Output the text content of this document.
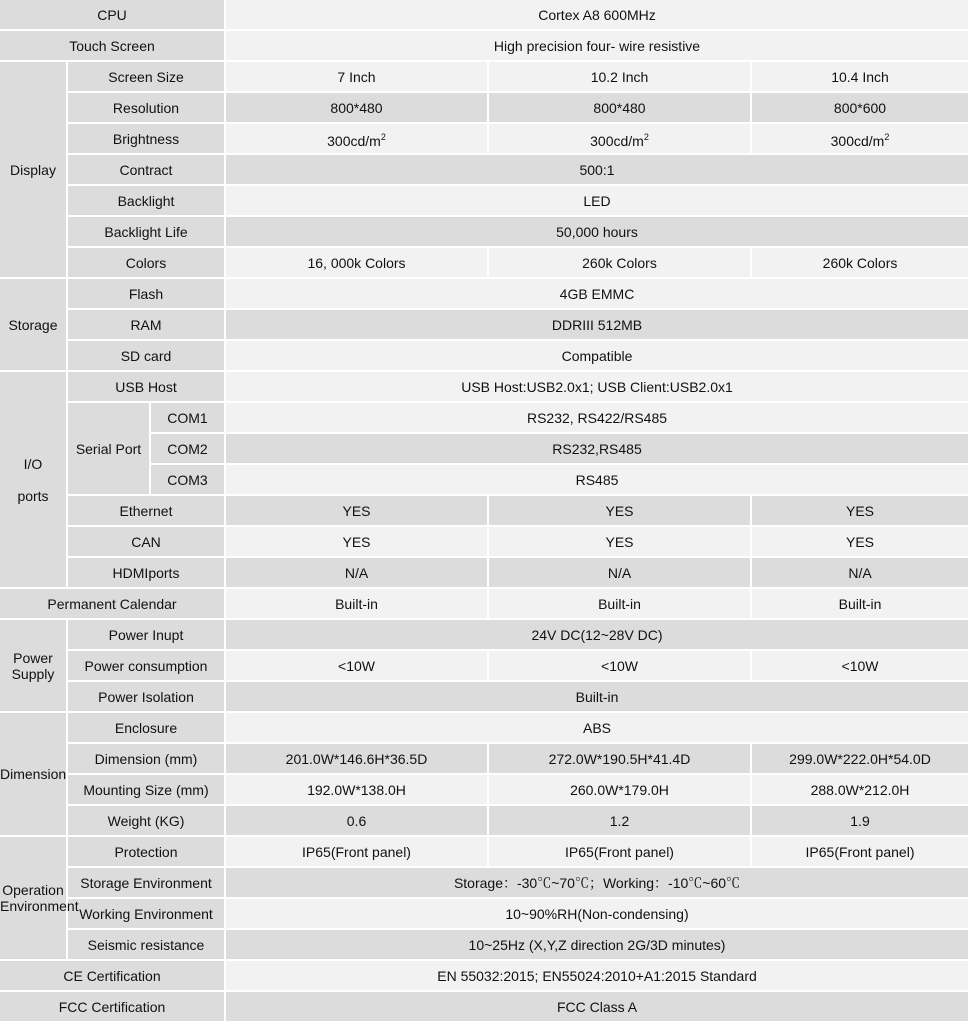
CPU			Cortex A8 600MHz		
Touch Screen			High precision four- wire resistive		
Display	Screen Size		7 Inch	10.2 Inch	10.4 Inch
	Resolution		800*480	800*480	800*600
	Brightness		$300cd/m^2$	$300cd/m^2$	$300cd/m^2$
	Contract		500:1		
	Backlight		LED		
	Backlight Life		50,000 hours		
	Colors		16, 000k Colors	260k Colors	260k Colors
Storage	Flash		4GB EMMC		
	RAM		DDRIII 512MB		
	SD card		Compatible		
I/O

ports	USB Host		USB Host:USB2.0x1; USB Client:USB2.0x1		
	Serial Port	COM1	RS232, RS422/RS485		
		COM2	RS232,RS485		
		COM3	RS485		
	Ethernet		YES	YES	YES
	CAN		YES	YES	YES
	HDMIports		N/A	N/A	N/A
Permanent Calendar			Built-in	Built-in	Built-in
Power
Supply	Power Inupt		24V DC(12~28V DC)		
	Power consumption		<10W	<10W	<10W
	Power Isolation		Built-in		
Dimension	Enclosure		ABS		
	Dimension (mm)		201.0W*146.6H*36.5D	272.0W*190.5H*41.4D	299.0W*222.0H*54.0D
	Mounting Size (mm)		192.0W*138.0H	260.0W*179.0H	288.0W*212.0H
	Weight (KG)		0.6	1.2	1.9
Operation
Environment	Protection		IP65(Front panel)	IP65(Front panel)	IP65(Front panel)
	Storage Environment		Storage：-30℃~70℃；Working：-10℃~60℃		
	Working Environment		10~90%RH(Non-condensing)		
	Seismic resistance		10~25Hz (X,Y,Z direction 2G/3D minutes)		
CE Certification			EN 55032:2015; EN55024:2010+A1:2015 Standard		
FCC Certification			FCC Class A		
